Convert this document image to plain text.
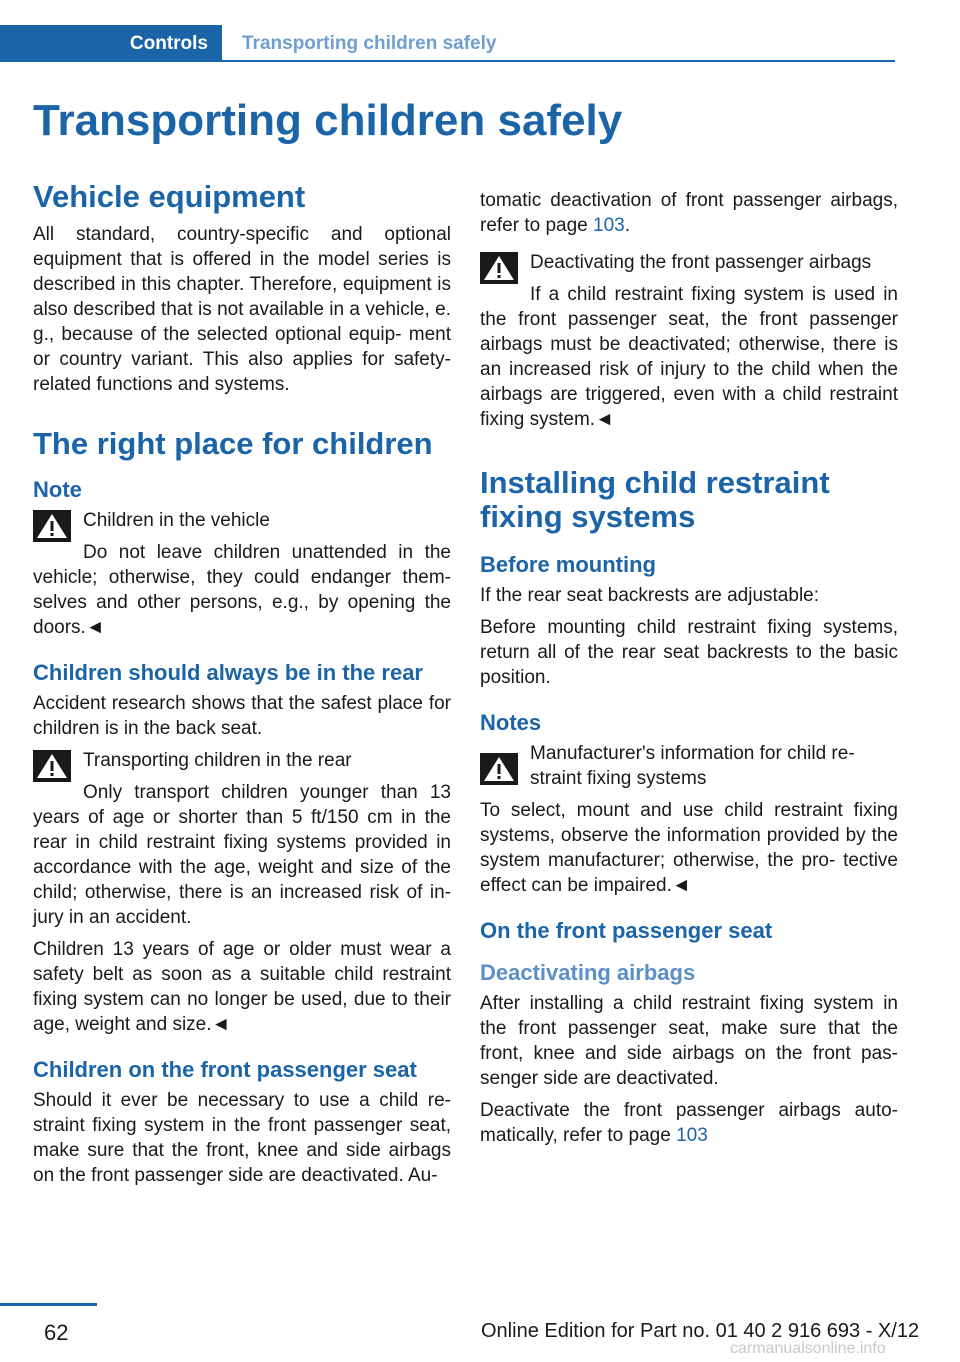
Controls	Transporting children safely
Transporting children safely
Vehicle equipment

All standard, country-specific and optional equipment that is offered in the model series is described in this chapter. Therefore, equipment is also described that is not available in a vehicle, e. g., because of the selected optional equip- ment or country variant. This also applies for safety-related functions and systems.

The right place for children
Note
Children in the vehicle

Do not leave children unattended in the vehicle; otherwise, they could endanger them- selves and other persons, e.g., by opening the doors.◄

Children should always be in the rear

Accident research shows that the safest place for children is in the back seat.

Transporting children in the rear

Only transport children younger than 13 years of age or shorter than 5 ft/150 cm in the rear in child restraint fixing systems provided in accordance with the age, weight and size of the child; otherwise, there is an increased risk of in- jury in an accident.

Children 13 years of age or older must wear a safety belt as soon as a suitable child restraint fixing system can no longer be used, due to their age, weight and size.◄

Children on the front passenger seat

Should it ever be necessary to use a child re- straint fixing system in the front passenger seat, make sure that the front, knee and side airbags on the front passenger side are deactivated. Au-

tomatic deactivation of front passenger airbags, refer to page 103.

Deactivating the front passenger airbags

If a child restraint fixing system is used in the front passenger seat, the front passenger airbags must be deactivated; otherwise, there is an increased risk of injury to the child when the airbags are triggered, even with a child restraint fixing system.◄

Installing child restraint fixing systems
Before mounting

If the rear seat backrests are adjustable:

Before mounting child restraint fixing systems, return all of the rear seat backrests to the basic position.

Notes
Manufacturer's information for child re- straint fixing systems

To select, mount and use child restraint fixing systems, observe the information provided by the system manufacturer; otherwise, the pro- tective effect can be impaired.◄

On the front passenger seat
Deactivating airbags

After installing a child restraint fixing system in the front passenger seat, make sure that the front, knee and side airbags on the front pas- senger side are deactivated.

Deactivate the front passenger airbags auto- matically, refer to page 103

62	Online Edition for Part no. 01 40 2 916 693 - X/12
carmanualsonline.info
